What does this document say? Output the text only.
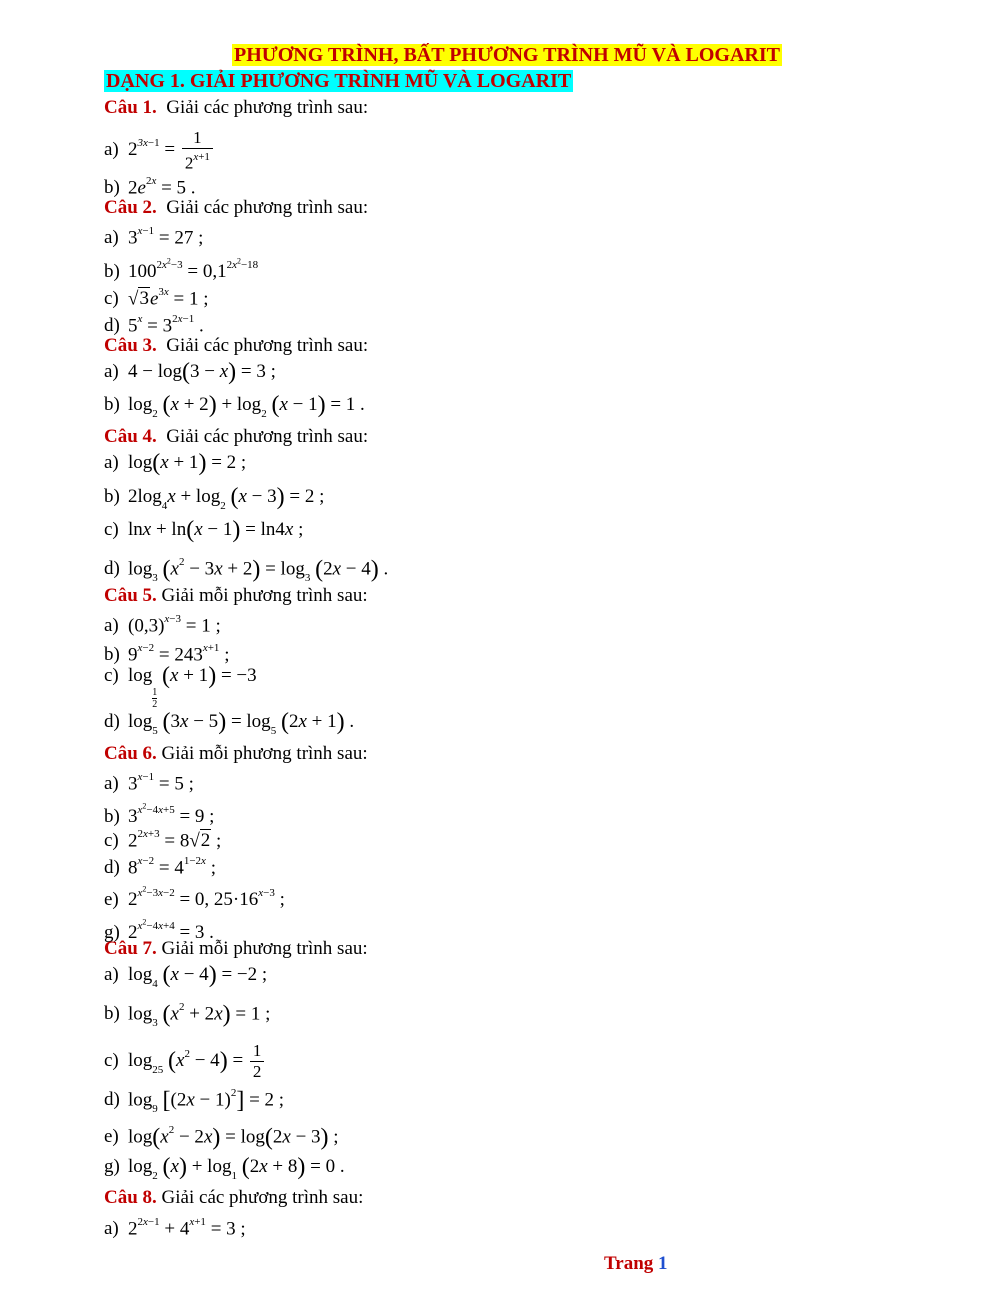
PHƯƠNG TRÌNH, BẤT PHƯƠNG TRÌNH MŨ VÀ LOGARIT
DẠNG 1. GIẢI PHƯƠNG TRÌNH MŨ VÀ LOGARIT
Câu 1. Giải các phương trình sau:
a) $2^{3x-1} = \frac{1}{2^{x+1}}$
b) $2e^{2x} = 5$ .
Câu 2. Giải các phương trình sau:
a) $3^{x-1} = 27$ ;
b) $100^{2x^2-3} = 0,1^{2x^2-18}$
c) $√3e^{3x} = 1$ ;
d) $5^x = 3^{2x-1}$ .
Câu 3. Giải các phương trình sau:
a) 4 − log(3 − x) = 3 ;
b) $\log_2 (x + 2) + \log_2 (x - 1) = 1$ .
Câu 4. Giải các phương trình sau:
a) log(x + 1) = 2 ;
b) $2\log_4x + \log_2 (x - 3) = 2$ ;
c) lnx + ln(x − 1) = ln4x ;
d) $\log_3 (x^2 - 3x + 2) = \log_3 (2x - 4)$ .
Câu 5. Giải mỗi phương trình sau:
a) $(0,3)^{x-3} = 1$ ;
b) $9^{x-2} = 243^{x+1}$ ;
c) log
$\frac{1}{2}$
(x + 1) = −3
d) $\log_5 (3x - 5) = \log_5 (2x + 1)$ .
Câu 6. Giải mỗi phương trình sau:
a) $3^{x-1} = 5$ ;
b) $3^{x^2-4x+5} = 9$ ;
c) $2^{2x+3} = 8√2$ ;
d) $8^{x-2} = 4^{1-2x}$ ;
e) $2^{x^2-3x-2} = 0$, $25\cdot 16^{x-3}$ ;
g) $2^{x^2-4x+4} = 3$ .
Câu 7. Giải mỗi phương trình sau:
a) $\log_4 (x - 4) = -2$ ;
b) $\log_3 (x^2 + 2x) = 1$ ;
c) $\log_{25} (x^2 - 4) = \frac{1}{2}$
d) $\log_9 [(2x - 1)^2] = 2$ ;
e) $\log(x^2 - 2x) = \log(2x - 3)$ ;
g) $\log_2 (x) + \log_1 (2x + 8) = 0$ .
Câu 8. Giải các phương trình sau:
a) $2^{2x-1} + 4^{x+1} = 3$ ;
Trang 1
